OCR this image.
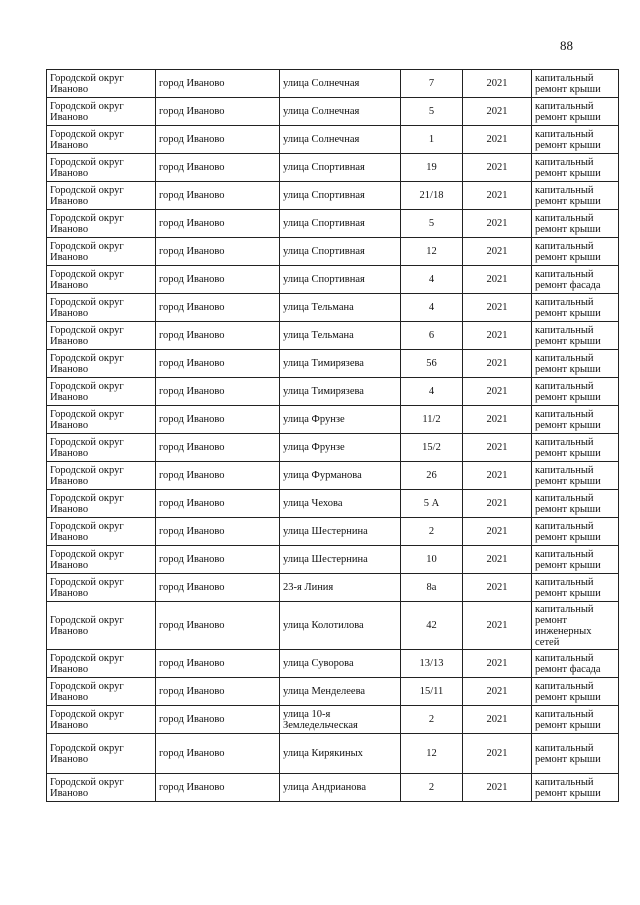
88
Городской округ Иваново	город Иваново	улица Солнечная	7	2021	капитальный ремонт крыши
Городской округ Иваново	город Иваново	улица Солнечная	5	2021	капитальный ремонт крыши
Городской округ Иваново	город Иваново	улица Солнечная	1	2021	капитальный ремонт крыши
Городской округ Иваново	город Иваново	улица Спортивная	19	2021	капитальный ремонт крыши
Городской округ Иваново	город Иваново	улица Спортивная	21/18	2021	капитальный ремонт крыши
Городской округ Иваново	город Иваново	улица Спортивная	5	2021	капитальный ремонт крыши
Городской округ Иваново	город Иваново	улица Спортивная	12	2021	капитальный ремонт крыши
Городской округ Иваново	город Иваново	улица Спортивная	4	2021	капитальный ремонт фасада
Городской округ Иваново	город Иваново	улица Тельмана	4	2021	капитальный ремонт крыши
Городской округ Иваново	город Иваново	улица Тельмана	6	2021	капитальный ремонт крыши
Городской округ Иваново	город Иваново	улица Тимирязева	56	2021	капитальный ремонт крыши
Городской округ Иваново	город Иваново	улица Тимирязева	4	2021	капитальный ремонт крыши
Городской округ Иваново	город Иваново	улица Фрунзе	11/2	2021	капитальный ремонт крыши
Городской округ Иваново	город Иваново	улица Фрунзе	15/2	2021	капитальный ремонт крыши
Городской округ Иваново	город Иваново	улица Фурманова	26	2021	капитальный ремонт крыши
Городской округ Иваново	город Иваново	улица Чехова	5 А	2021	капитальный ремонт крыши
Городской округ Иваново	город Иваново	улица Шестернина	2	2021	капитальный ремонт крыши
Городской округ Иваново	город Иваново	улица Шестернина	10	2021	капитальный ремонт крыши
Городской округ Иваново	город Иваново	23-я Линия	8а	2021	капитальный ремонт крыши
Городской округ Иваново	город Иваново	улица Колотилова	42	2021	капитальный ремонт инженерных сетей
Городской округ Иваново	город Иваново	улица Суворова	13/13	2021	капитальный ремонт фасада
Городской округ Иваново	город Иваново	улица Менделеева	15/11	2021	капитальный ремонт крыши
Городской округ Иваново	город Иваново	улица 10-я Земледельческая	2	2021	капитальный ремонт крыши
Городской округ Иваново	город Иваново	улица Кирякиных	12	2021	капитальный ремонт крыши
Городской округ Иваново	город Иваново	улица Андрианова	2	2021	капитальный ремонт крыши
